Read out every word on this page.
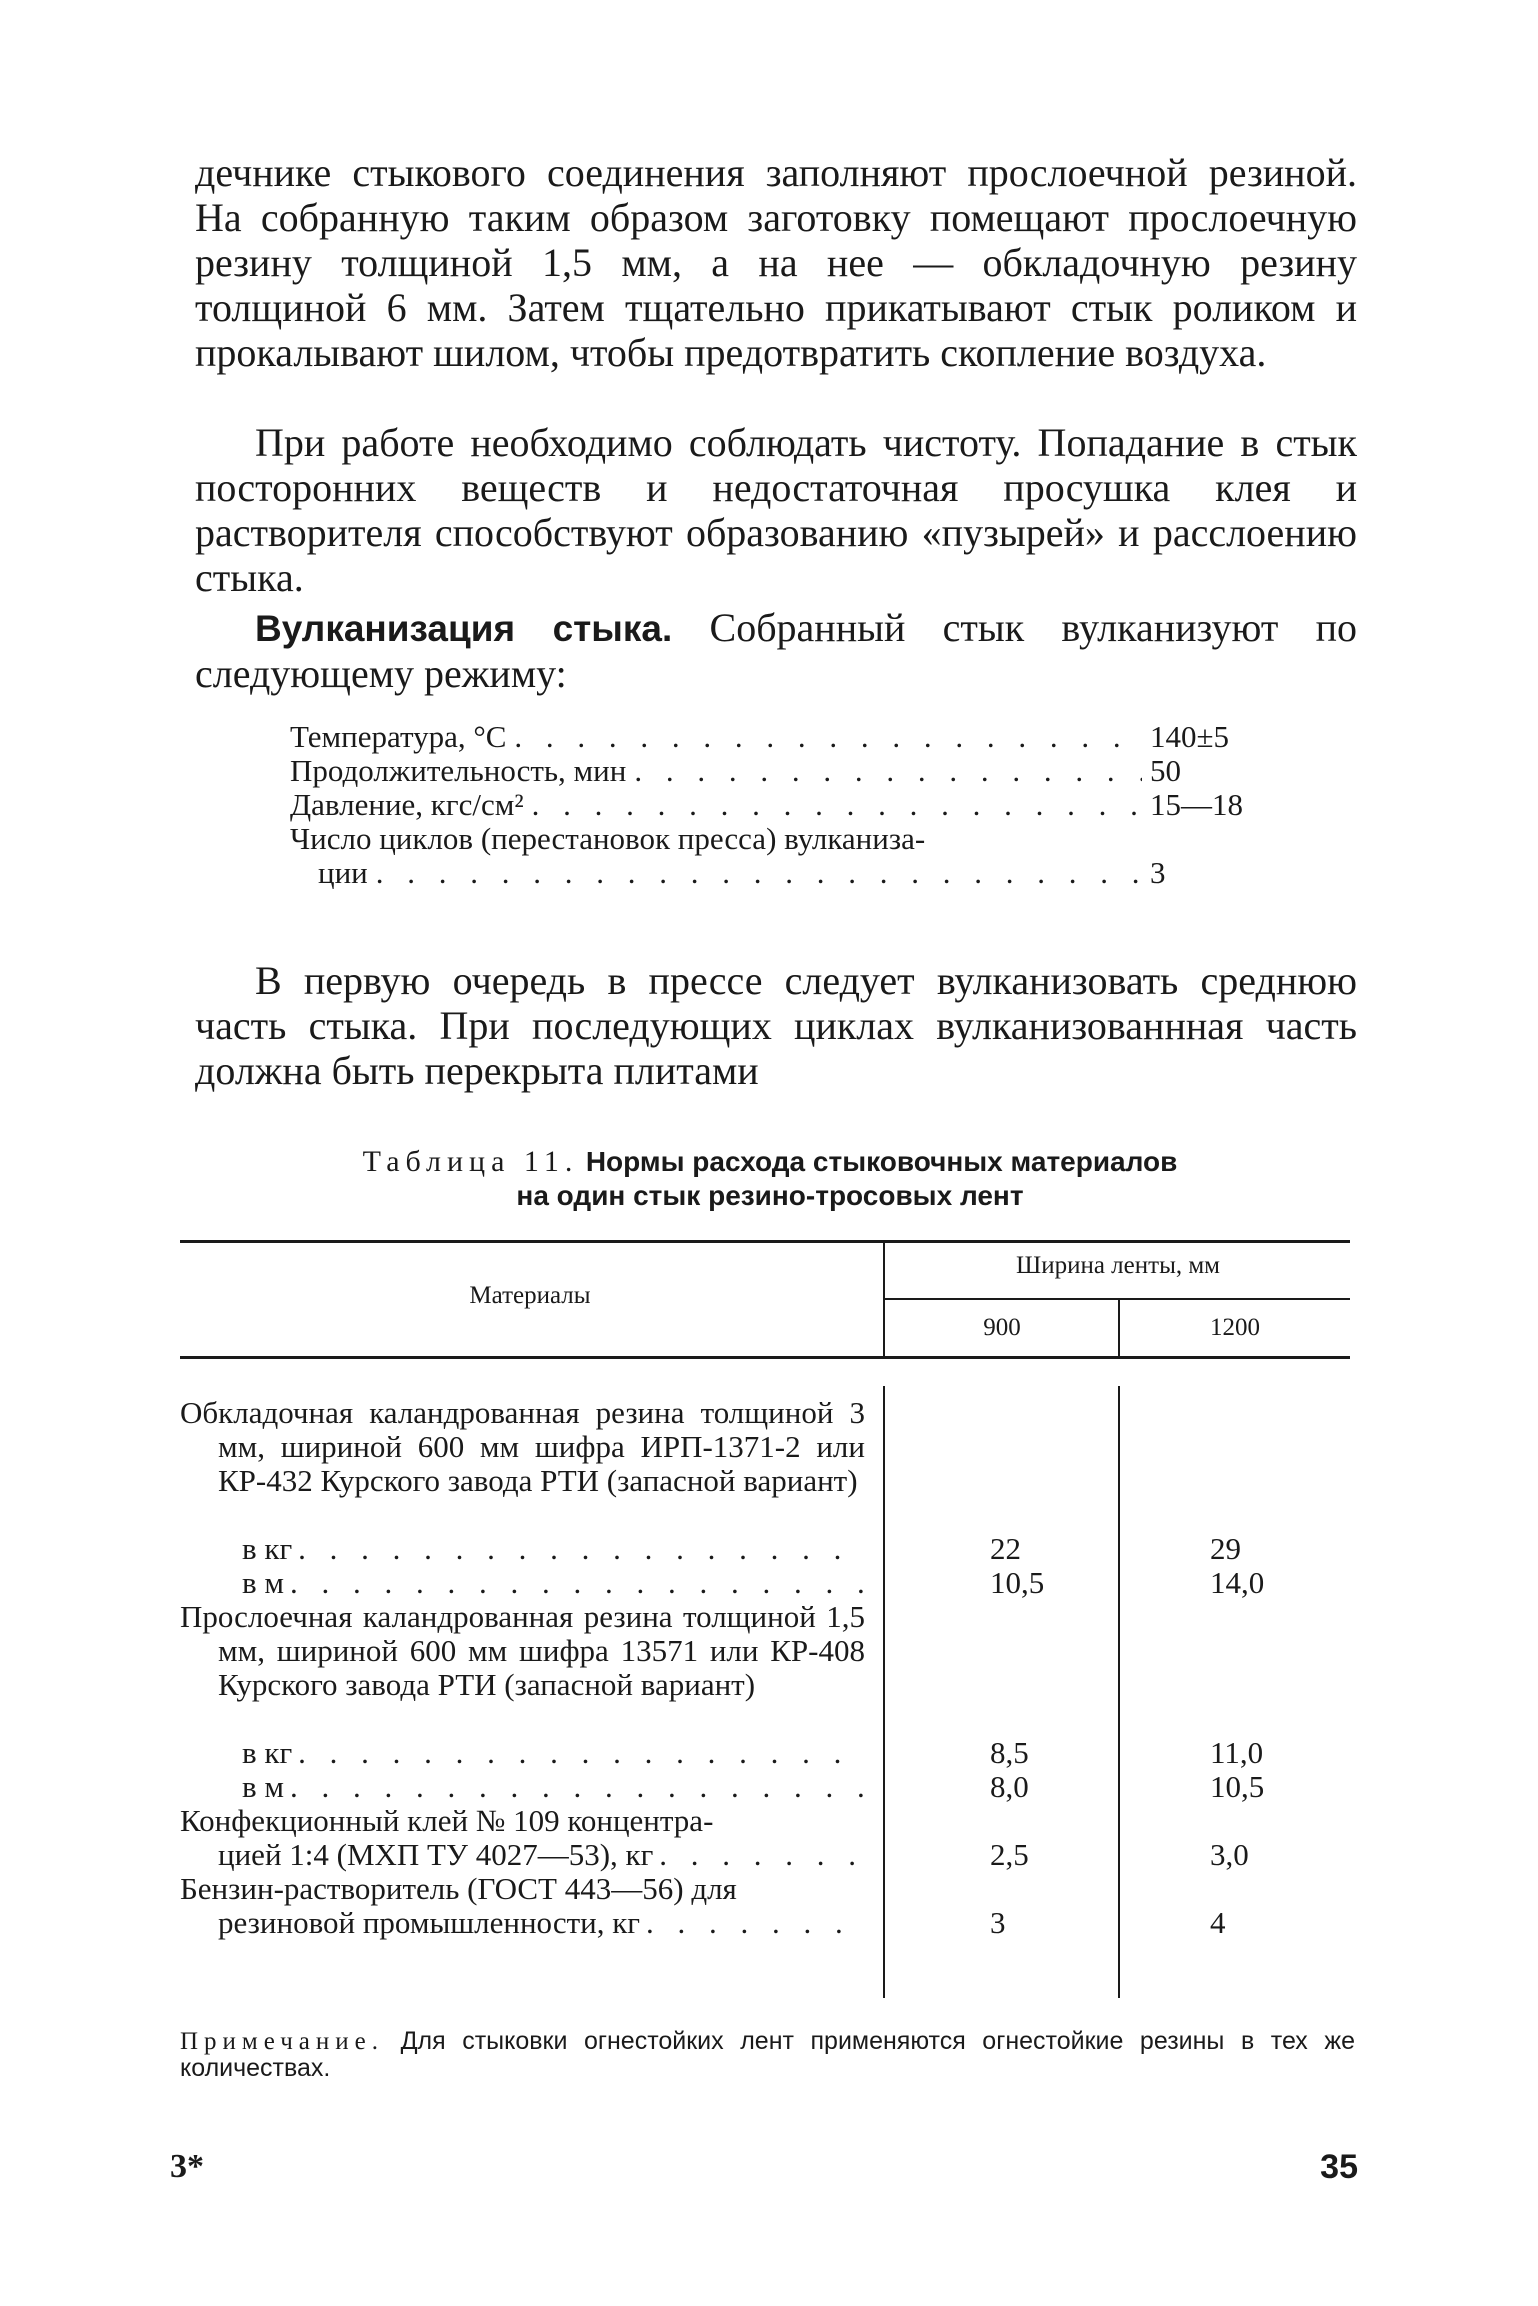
дечнике стыкового соединения заполняют прослоечной резиной. На собранную таким образом заготовку помещают прослоечную резину толщиной 1,5 мм, а на нее — обкладочную резину толщиной 6 мм. Затем тщательно прикатывают стык роликом и прокалывают шилом, чтобы предотвратить скопление воздуха.

При работе необходимо соблюдать чистоту. Попадание в стык посторонних веществ и недостаточная просушка клея и растворителя способствуют образованию «пузырей» и расслоению стыка.

Вулканизация стыка. Собранный стык вулканизуют по следующему режиму:

Температура, °C . . .	140±5
Продолжительность, мин . . .	50
Давление, кгс/см² . . .	15—18
Число циклов (перестановок пресса) вулканиза-
ции . . .	3

В первую очередь в прессе следует вулканизовать среднюю часть стыка. При последующих циклах вулканизованнная часть должна быть перекрыта плитами

Таблица 11. Нормы расхода стыковочных материалов
на один стык резино-тросовых лент
Материалы
Ширина ленты, мм
900	1200
Обкладочная каландрованная резина толщиной 3 мм, шириной 600 мм шифра ИРП-1371-2 или КР-432 Курского завода РТИ (запасной вариант)
в кг . . .	22	29
в м . . .	10,5	14,0
Прослоечная каландрованная резина толщиной 1,5 мм, шириной 600 мм шифра 13571 или КР-408 Курского завода РТИ (запасной вариант)
в кг . . .	8,5	11,0
в м . . .	8,0	10,5
Конфекционный клей № 109 концентра-
цией 1:4 (МХП ТУ 4027—53), кг . . .	2,5	3,0
Бензин-растворитель (ГОСТ 443—56) для
резиновой промышленности, кг . . .	3	4
Примечание. Для стыковки огнестойких лент применяются огнестойкие резины в тех же количествах.
3*	35
